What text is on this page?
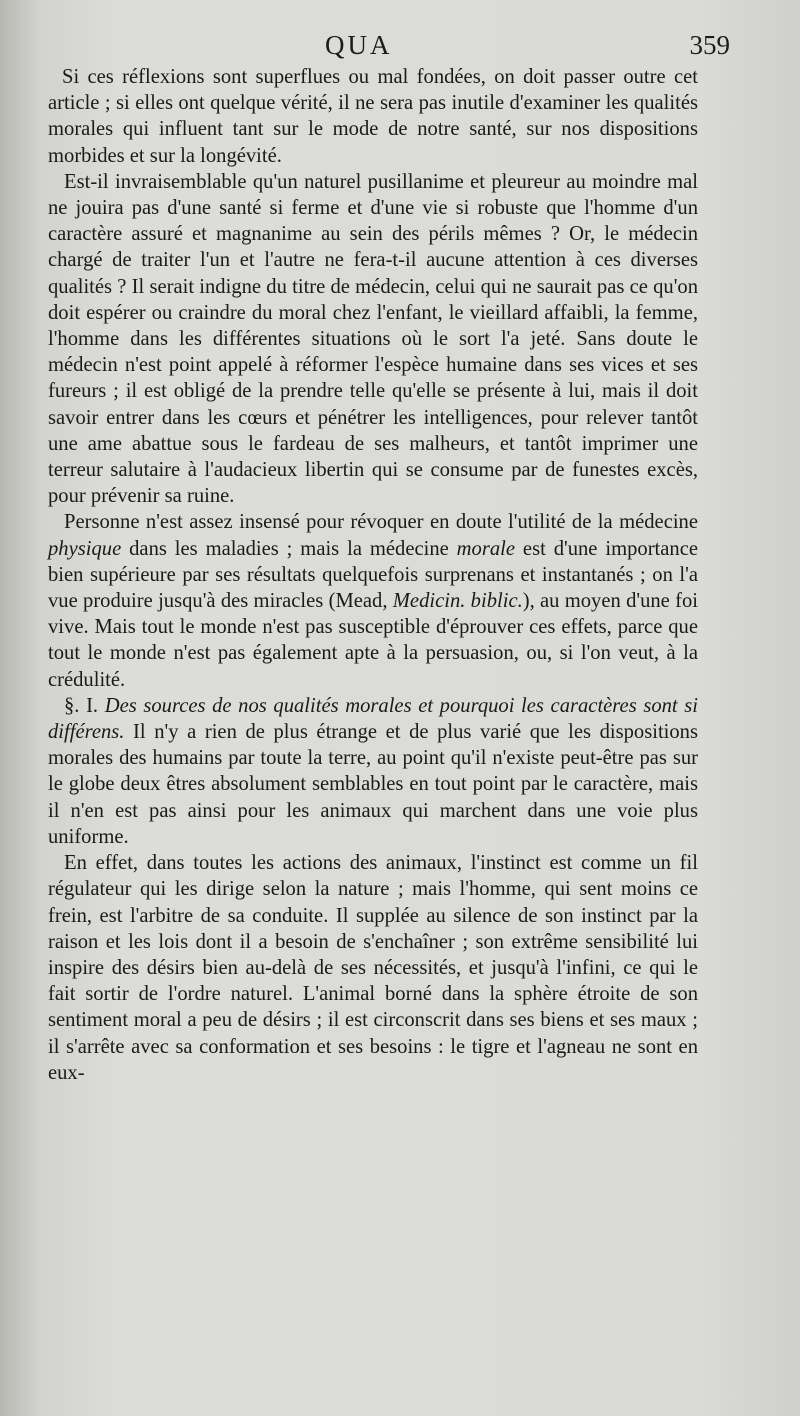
QUA	359

Si ces réflexions sont superflues ou mal fondées, on doit passer outre cet article ; si elles ont quelque vérité, il ne sera pas inutile d'examiner les qualités morales qui influent tant sur le mode de notre santé, sur nos dispositions morbides et sur la longévité.

Est-il invraisemblable qu'un naturel pusillanime et pleureur au moindre mal ne jouira pas d'une santé si ferme et d'une vie si robuste que l'homme d'un caractère assuré et magnanime au sein des périls mêmes ? Or, le médecin chargé de traiter l'un et l'autre ne fera-t-il aucune attention à ces diverses qualités ? Il serait indigne du titre de médecin, celui qui ne saurait pas ce qu'on doit espérer ou craindre du moral chez l'enfant, le vieillard affaibli, la femme, l'homme dans les différentes situations où le sort l'a jeté. Sans doute le médecin n'est point appelé à réformer l'espèce humaine dans ses vices et ses fureurs ; il est obligé de la prendre telle qu'elle se présente à lui, mais il doit savoir entrer dans les cœurs et pénétrer les intelligences, pour relever tantôt une ame abattue sous le fardeau de ses malheurs, et tantôt imprimer une terreur salutaire à l'audacieux libertin qui se consume par de funestes excès, pour prévenir sa ruine.

Personne n'est assez insensé pour révoquer en doute l'utilité de la médecine physique dans les maladies ; mais la médecine morale est d'une importance bien supérieure par ses résultats quelquefois surprenans et instantanés ; on l'a vue produire jusqu'à des miracles (Mead, Medicin. biblic.), au moyen d'une foi vive. Mais tout le monde n'est pas susceptible d'éprouver ces effets, parce que tout le monde n'est pas également apte à la persuasion, ou, si l'on veut, à la crédulité.

§. I. Des sources de nos qualités morales et pourquoi les caractères sont si différens. Il n'y a rien de plus étrange et de plus varié que les dispositions morales des humains par toute la terre, au point qu'il n'existe peut-être pas sur le globe deux êtres absolument semblables en tout point par le caractère, mais il n'en est pas ainsi pour les animaux qui marchent dans une voie plus uniforme.

En effet, dans toutes les actions des animaux, l'instinct est comme un fil régulateur qui les dirige selon la nature ; mais l'homme, qui sent moins ce frein, est l'arbitre de sa conduite. Il supplée au silence de son instinct par la raison et les lois dont il a besoin de s'enchaîner ; son extrême sensibilité lui inspire des désirs bien au-delà de ses nécessités, et jusqu'à l'infini, ce qui le fait sortir de l'ordre naturel. L'animal borné dans la sphère étroite de son sentiment moral a peu de désirs ; il est circonscrit dans ses biens et ses maux ; il s'arrête avec sa conformation et ses besoins : le tigre et l'agneau ne sont en eux-
